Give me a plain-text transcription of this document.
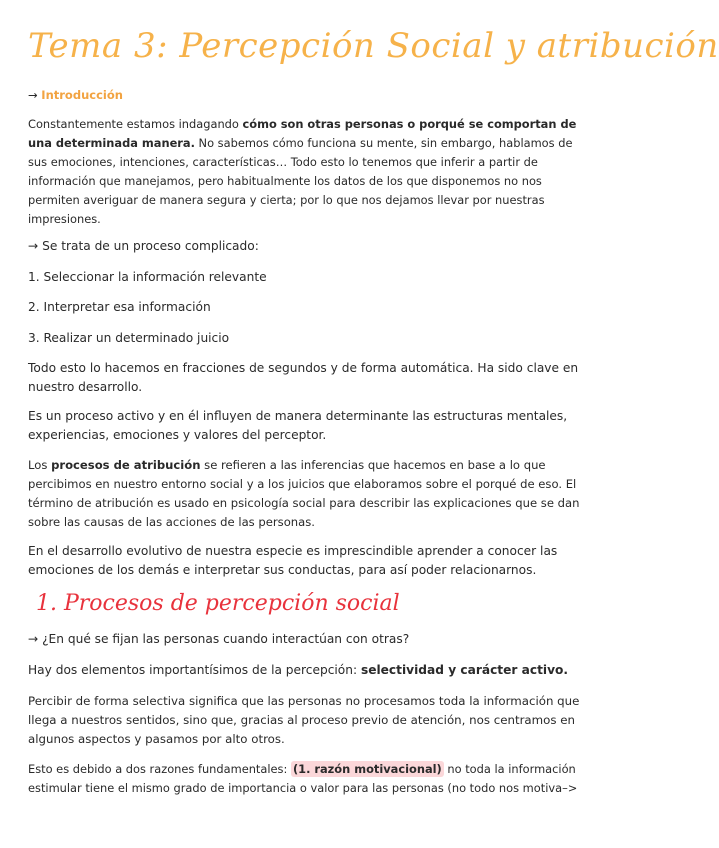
Tema 3: Percepción Social y atribución
→ Introducción

Constantemente estamos indagando cómo son otras personas o porqué se comportan de
una determinada manera. No sabemos cómo funciona su mente, sin embargo, hablamos de
sus emociones, intenciones, características… Todo esto lo tenemos que inferir a partir de
información que manejamos, pero habitualmente los datos de los que disponemos no nos
permiten averiguar de manera segura y cierta; por lo que nos dejamos llevar por nuestras
impresiones.

→ Se trata de un proceso complicado:

1. Seleccionar la información relevante

2. Interpretar esa información

3. Realizar un determinado juicio

Todo esto lo hacemos en fracciones de segundos y de forma automática. Ha sido clave en
nuestro desarrollo.

Es un proceso activo y en él influyen de manera determinante las estructuras mentales,
experiencias, emociones y valores del perceptor.

Los procesos de atribución se refieren a las inferencias que hacemos en base a lo que
percibimos en nuestro entorno social y a los juicios que elaboramos sobre el porqué de eso. El
término de atribución es usado en psicología social para describir las explicaciones que se dan
sobre las causas de las acciones de las personas.

En el desarrollo evolutivo de nuestra especie es imprescindible aprender a conocer las
emociones de los demás e interpretar sus conductas, para así poder relacionarnos.

1. Procesos de percepción social

→ ¿En qué se fijan las personas cuando interactúan con otras?

Hay dos elementos importantísimos de la percepción: selectividad y carácter activo.

Percibir de forma selectiva significa que las personas no procesamos toda la información que
llega a nuestros sentidos, sino que, gracias al proceso previo de atención, nos centramos en
algunos aspectos y pasamos por alto otros.

Esto es debido a dos razones fundamentales: (1. razón motivacional) no toda la información
estimular tiene el mismo grado de importancia o valor para las personas (no todo nos motiva–>
